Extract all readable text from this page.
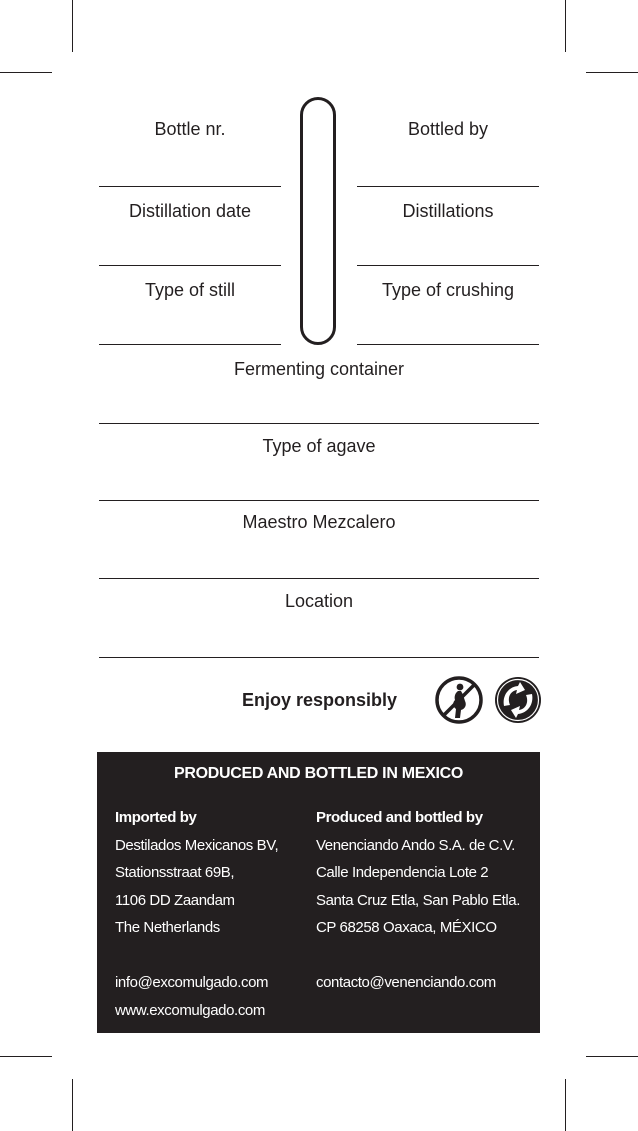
Bottle nr.	Bottled by
Distillation date	Distillations
Type of still	Type of crushing
Fermenting container
Type of agave
Maestro Mezcalero
Location
Enjoy responsibly
PRODUCED AND BOTTLED IN MEXICO
Imported by
Destilados Mexicanos BV,
Stationsstraat 69B,
1106 DD Zaandam
The Netherlands
info@excomulgado.com
www.excomulgado.com
Produced and bottled by
Venenciando Ando S.A. de C.V.
Calle Independencia Lote 2
Santa Cruz Etla, San Pablo Etla.
CP 68258 Oaxaca, MÉXICO
contacto@venenciando.com
